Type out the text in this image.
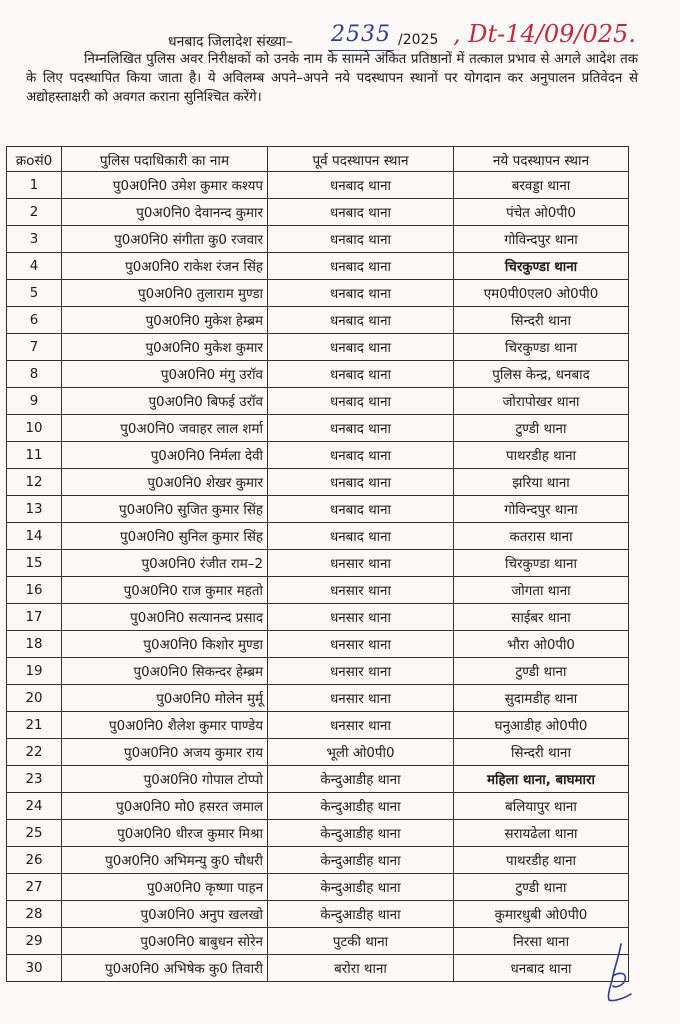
धनबाद जिलादेश संख्या– 2535 /2025 , Dt-14/09/025.
निम्नलिखित पुलिस अवर निरीक्षकों को उनके नाम के सामने अंकित प्रतिष्ठानों में तत्काल प्रभाव से अगले आदेश तक के लिए पदस्थापित किया जाता है। ये अविलम्ब अपने–अपने नये पदस्थापन स्थानों पर योगदान कर अनुपालन प्रतिवेदन से अद्योहस्ताक्षरी को अवगत कराना सुनिश्चित करेंगे।
क्रoसं0	पुलिस पदाधिकारी का नाम	पूर्व पदस्थापन स्थान	नये पदस्थापन स्थान
1	पु0अ0नि0 उमेश कुमार कश्यप	धनबाद थाना	बरवड्डा थाना
2	पु0अ0नि0 देवानन्द कुमार	धनबाद थाना	पंचेत ओ0पी0
3	पु0अ0नि0 संगीता कु0 रजवार	धनबाद थाना	गोविन्दपुर थाना
4	पु0अ0नि0 राकेश रंजन सिंह	धनबाद थाना	चिरकुण्डा थाना
5	पु0अ0नि0 तुलाराम मुण्डा	धनबाद थाना	एम0पी0एल0 ओ0पी0
6	पु0अ0नि0 मुकेश हेम्ब्रम	धनबाद थाना	सिन्दरी थाना
7	पु0अ0नि0 मुकेश कुमार	धनबाद थाना	चिरकुण्डा थाना
8	पु0अ0नि0 मंगु उरॉव	धनबाद थाना	पुलिस केन्द्र, धनबाद
9	पु0अ0नि0 बिफई उरॉव	धनबाद थाना	जोरापोखर थाना
10	पु0अ0नि0 जवाहर लाल शर्मा	धनबाद थाना	टुण्डी थाना
11	पु0अ0नि0 निर्मला देवी	धनबाद थाना	पाथरडीह थाना
12	पु0अ0नि0 शेखर कुमार	धनबाद थाना	झरिया थाना
13	पु0अ0नि0 सुजित कुमार सिंह	धनबाद थाना	गोविन्दपुर थाना
14	पु0अ0नि0 सुनिल कुमार सिंह	धनबाद थाना	कतरास थाना
15	पु0अ0नि0 रंजीत राम–2	धनसार थाना	चिरकुण्डा थाना
16	पु0अ0नि0 राज कुमार महतो	धनसार थाना	जोगता थाना
17	पु0अ0नि0 सत्यानन्द प्रसाद	धनसार थाना	साईबर थाना
18	पु0अ0नि0 किशोर मुण्डा	धनसार थाना	भौरा ओ0पी0
19	पु0अ0नि0 सिकन्दर हेम्ब्रम	धनसार थाना	टुण्डी थाना
20	पु0अ0नि0 मोलेन मुर्मू	धनसार थाना	सुदामडीह थाना
21	पु0अ0नि0 शैलेश कुमार पाण्डेय	धनसार थाना	घनुआडीह ओ0पी0
22	पु0अ0नि0 अजय कुमार राय	भूली ओ0पी0	सिन्दरी थाना
23	पु0अ0नि0 गोपाल टोप्पो	केन्दुआडीह थाना	महिला थाना, बाघमारा
24	पु0अ0नि0 मो0 हसरत जमाल	केन्दुआडीह थाना	बलियापुर थाना
25	पु0अ0नि0 धीरज कुमार मिश्रा	केन्दुआडीह थाना	सरायढेला थाना
26	पु0अ0नि0 अभिमन्यु कु0 चौधरी	केन्दुआडीह थाना	पाथरडीह थाना
27	पु0अ0नि0 कृष्णा पाहन	केन्दुआडीह थाना	टुण्डी थाना
28	पु0अ0नि0 अनुप खलखो	केन्दुआडीह थाना	कुमारधुबी ओ0पी0
29	पु0अ0नि0 बाबुधन सोरेन	पुटकी थाना	निरसा थाना
30	पु0अ0नि0 अभिषेक कु0 तिवारी	बरोरा थाना	धनबाद थाना
